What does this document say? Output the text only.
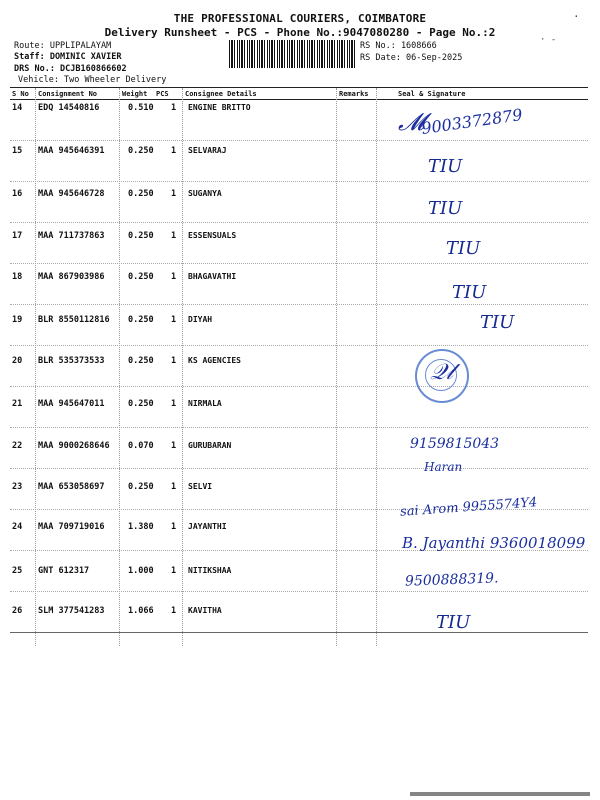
THE PROFESSIONAL COURIERS, COIMBATORE
Delivery Runsheet - PCS - Phone No.:9047080280 - Page No.:2
Route: UPPLIPALAYAM
Staff: DOMINIC XAVIER
DRS No.: DCJB160866602
Vehicle: Two Wheeler Delivery
RS No.: 1608666
RS Date: 06-Sep-2025
·
· -
S No Consignment No	Weight PCS Consignee Details	Remarks	Seal & Signature
14 EDQ 14540816	0.510 1 ENGINE BRITTO
15 MAA 945646391	0.250 1 SELVARAJ
16 MAA 945646728	0.250 1 SUGANYA
17 MAA 711737863	0.250 1 ESSENSUALS
18 MAA 867903986	0.250 1 BHAGAVATHI
19 BLR 8550112816 0.250 1 DIYAH
20 BLR 535373533	0.250 1 KS AGENCIES
21 MAA 945647011	0.250 1 NIRMALA
22 MAA 9000268646 0.070 1 GURUBARAN
23 MAA 653058697	0.250 1 SELVI
24 MAA 709719016	1.380 1 JAYANTHI
25 GNT 612317	1.000 1 NITIKSHAA
26 SLM 377541283	1.066 1 KAVITHA
𝓜
9003372879
TIU
TIU
TIU
TIU
TIU
𝒬𝓁
9159815043
Haran
sai Arom 9955574Y4
B. Jayanthi 9360018099
9500888319.
TIU
